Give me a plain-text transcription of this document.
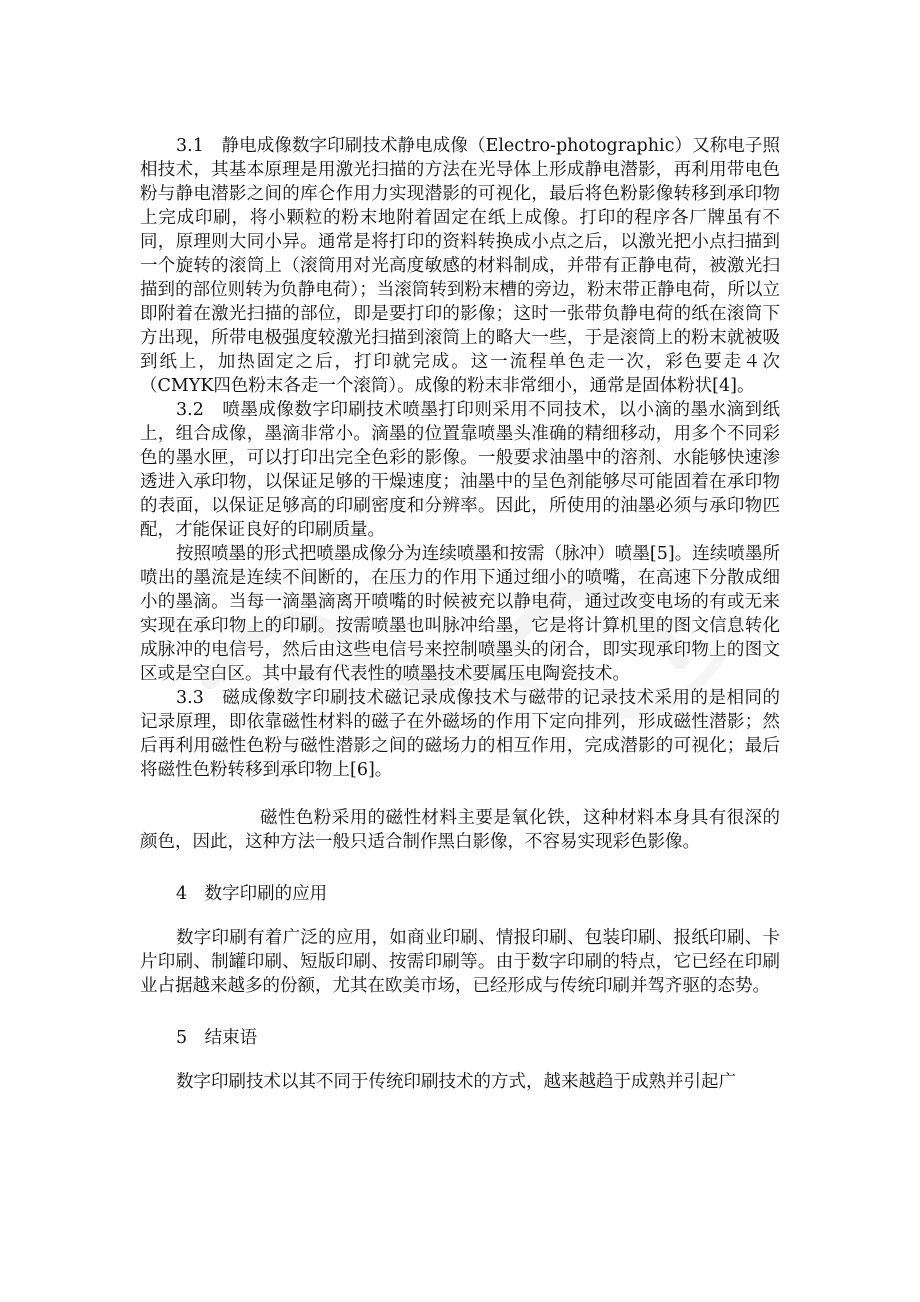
3.1　静电成像数字印刷技术静电成像（Electro-photographic）又称电子照相技术，其基本原理是用激光扫描的方法在光导体上形成静电潜影，再利用带电色粉与静电潜影之间的库仑作用力实现潜影的可视化，最后将色粉影像转移到承印物上完成印刷，将小颗粒的粉末地附着固定在纸上成像。打印的程序各厂牌虽有不同，原理则大同小异。通常是将打印的资料转换成小点之后，以激光把小点扫描到一个旋转的滚筒上（滚筒用对光高度敏感的材料制成，并带有正静电荷，被激光扫描到的部位则转为负静电荷）；当滚筒转到粉末槽的旁边，粉末带正静电荷，所以立即附着在激光扫描的部位，即是要打印的影像；这时一张带负静电荷的纸在滚筒下方出现，所带电极强度较激光扫描到滚筒上的略大一些，于是滚筒上的粉末就被吸到纸上，加热固定之后，打印就完成。这一流程单色走一次，彩色要走４次（CMYK四色粉末各走一个滚筒）。成像的粉末非常细小，通常是固体粉状[4]。

3.2　喷墨成像数字印刷技术喷墨打印则采用不同技术，以小滴的墨水滴到纸上，组合成像，墨滴非常小。滴墨的位置靠喷墨头准确的精细移动，用多个不同彩色的墨水匣，可以打印出完全色彩的影像。一般要求油墨中的溶剂、水能够快速渗透进入承印物，以保证足够的干燥速度；油墨中的呈色剂能够尽可能固着在承印物的表面，以保证足够高的印刷密度和分辨率。因此，所使用的油墨必须与承印物匹配，才能保证良好的印刷质量。

按照喷墨的形式把喷墨成像分为连续喷墨和按需（脉冲）喷墨[5]。连续喷墨所喷出的墨流是连续不间断的，在压力的作用下通过细小的喷嘴，在高速下分散成细小的墨滴。当每一滴墨滴离开喷嘴的时候被充以静电荷，通过改变电场的有或无来实现在承印物上的印刷。按需喷墨也叫脉冲给墨，它是将计算机里的图文信息转化成脉冲的电信号，然后由这些电信号来控制喷墨头的闭合，即实现承印物上的图文区或是空白区。其中最有代表性的喷墨技术要属压电陶瓷技术。

3.3　磁成像数字印刷技术磁记录成像技术与磁带的记录技术采用的是相同的记录原理，即依靠磁性材料的磁子在外磁场的作用下定向排列，形成磁性潜影；然后再利用磁性色粉与磁性潜影之间的磁场力的相互作用，完成潜影的可视化；最后将磁性色粉转移到承印物上[6]。

磁性色粉采用的磁性材料主要是氧化铁，这种材料本身具有很深的颜色，因此，这种方法一般只适合制作黑白影像，不容易实现彩色影像。

4　数字印刷的应用

数字印刷有着广泛的应用，如商业印刷、情报印刷、包装印刷、报纸印刷、卡片印刷、制罐印刷、短版印刷、按需印刷等。由于数字印刷的特点，它已经在印刷业占据越来越多的份额，尤其在欧美市场，已经形成与传统印刷并驾齐驱的态势。

5　结束语

数字印刷技术以其不同于传统印刷技术的方式，越来越趋于成熟并引起广
